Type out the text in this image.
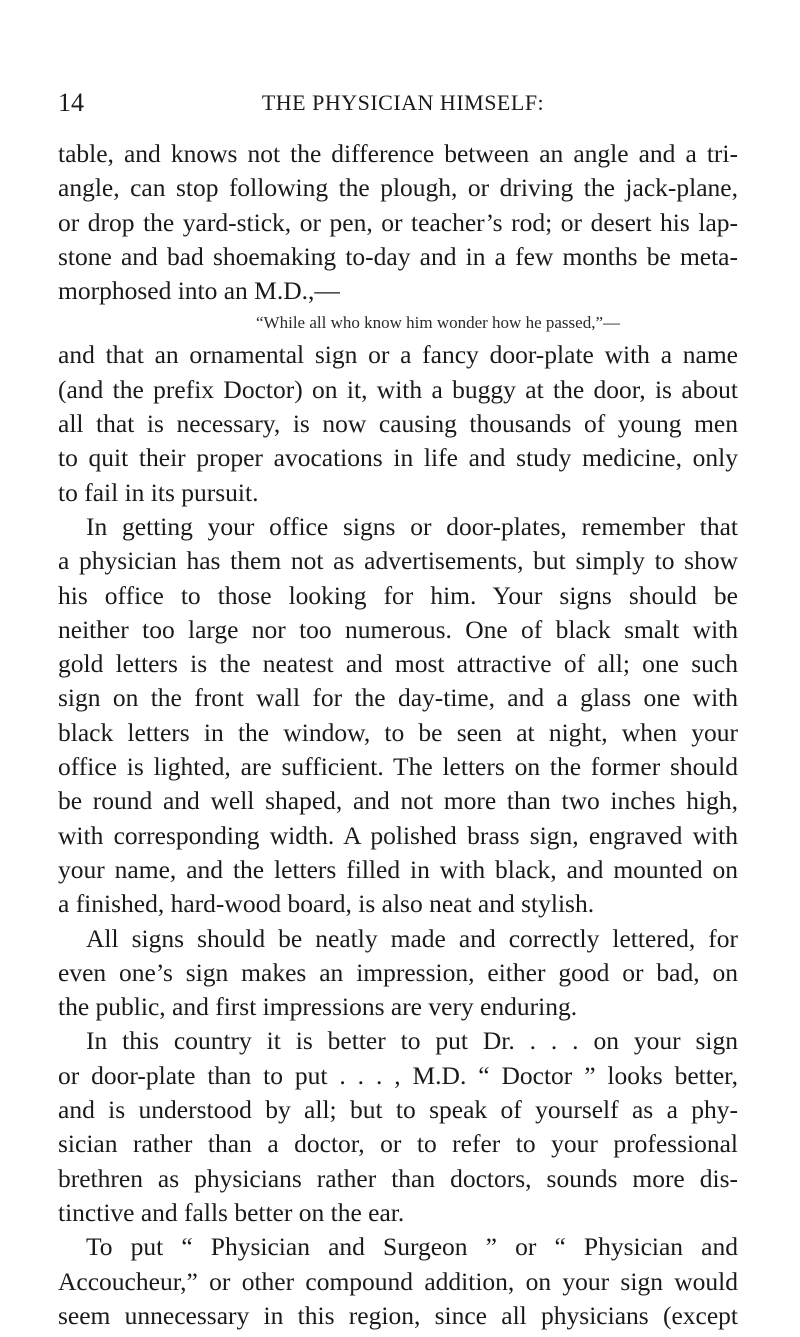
14	THE PHYSICIAN HIMSELF:
table, and knows not the difference between an angle and a tri-
angle, can stop following the plough, or driving the jack-plane,
or drop the yard-stick, or pen, or teacher’s rod; or desert his lap-
stone and bad shoemaking to-day and in a few months be meta-
morphosed into an M.D.,—
“While all who know him wonder how he passed,”—
and that an ornamental sign or a fancy door-plate with a name
(and the prefix Doctor) on it, with a buggy at the door, is about
all that is necessary, is now causing thousands of young men
to quit their proper avocations in life and study medicine, only
to fail in its pursuit.
In getting your office signs or door-plates, remember that
a physician has them not as advertisements, but simply to show
his office to those looking for him. Your signs should be
neither too large nor too numerous. One of black smalt with
gold letters is the neatest and most attractive of all; one such
sign on the front wall for the day-time, and a glass one with
black letters in the window, to be seen at night, when your
office is lighted, are sufficient. The letters on the former should
be round and well shaped, and not more than two inches high,
with corresponding width. A polished brass sign, engraved with
your name, and the letters filled in with black, and mounted on
a finished, hard-wood board, is also neat and stylish.
All signs should be neatly made and correctly lettered, for
even one’s sign makes an impression, either good or bad, on
the public, and first impressions are very enduring.
In this country it is better to put Dr. . . . on your sign
or door-plate than to put . . . , M.D. “ Doctor ” looks better,
and is understood by all; but to speak of yourself as a phy-
sician rather than a doctor, or to refer to your professional
brethren as physicians rather than doctors, sounds more dis-
tinctive and falls better on the ear.
To put “ Physician and Surgeon ” or “ Physician and
Accoucheur,” or other compound addition, on your sign would
seem unnecessary in this region, since all physicians (except
